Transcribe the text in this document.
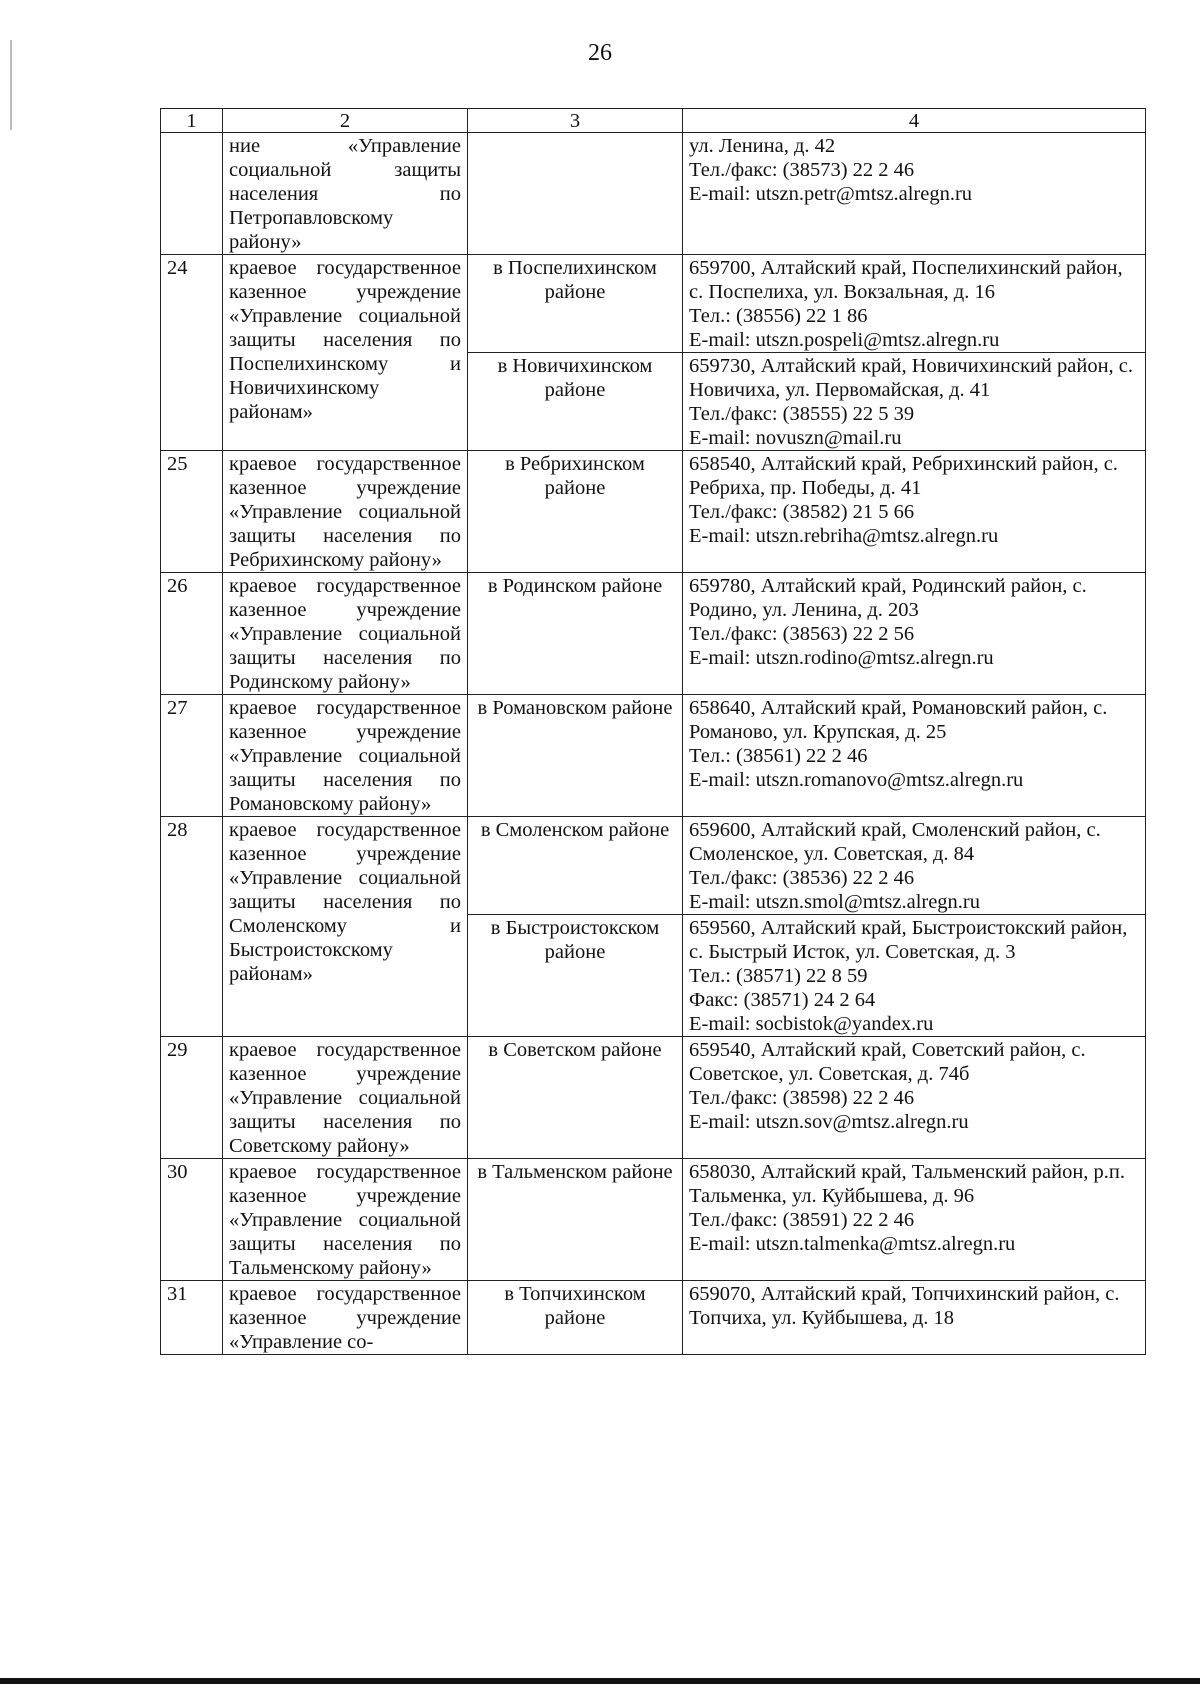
26
1	2	3	4
	ние «Управление социальной защиты населения по Петропавловскому району»		ул. Ленина, д. 42
Тел./факс: (38573) 22 2 46
E-mail: utszn.petr@mtsz.alregn.ru

24	краевое государственное казенное учреждение «Управление социальной защиты населения по Поспелихинскому и Новичихинскому районам»	в Поспелихинском районе	659700, Алтайский край, Поспелихинский район, с. Поспелиха, ул. Вокзальная, д. 16
Тел.: (38556) 22 1 86
E-mail: utszn.pospeli@mtsz.alregn.ru

		в Новичихинском районе	659730, Алтайский край, Новичихинский район, с. Новичиха, ул. Первомайская, д. 41
Тел./факс: (38555) 22 5 39
E-mail: novuszn@mail.ru

25	краевое государственное казенное учреждение «Управление социальной защиты населения по Ребрихинскому району»	в Ребрихинском районе	658540, Алтайский край, Ребрихинский район, с. Ребриха, пр. Победы, д. 41
Тел./факс: (38582) 21 5 66
E-mail: utszn.rebriha@mtsz.alregn.ru

26	краевое государственное казенное учреждение «Управление социальной защиты населения по Родинскому району»	в Родинском районе	659780, Алтайский край, Родинский район, с. Родино, ул. Ленина, д. 203
Тел./факс: (38563) 22 2 56
E-mail: utszn.rodino@mtsz.alregn.ru

27	краевое государственное казенное учреждение «Управление социальной защиты населения по Романовскому району»	в Романовском районе	658640, Алтайский край, Романовский район, с. Романово, ул. Крупская, д. 25
Тел.: (38561) 22 2 46
E-mail: utszn.romanovo@mtsz.alregn.ru

28	краевое государственное казенное учреждение «Управление социальной защиты населения по Смоленскому и Быстроистокскому районам»	в Смоленском районе	659600, Алтайский край, Смоленский район, с. Смоленское, ул. Советская, д. 84
Тел./факс: (38536) 22 2 46
E-mail: utszn.smol@mtsz.alregn.ru

		в Быстроистокском районе	659560, Алтайский край, Быстроистокский район, с. Быстрый Исток, ул. Советская, д. 3
Тел.: (38571) 22 8 59
Факс: (38571) 24 2 64
E-mail: socbistok@yandex.ru

29	краевое государственное казенное учреждение «Управление социальной защиты населения по Советскому району»	в Советском районе	659540, Алтайский край, Советский район, с. Советское, ул. Советская, д. 74б
Тел./факс: (38598) 22 2 46
E-mail: utszn.sov@mtsz.alregn.ru

30	краевое государственное казенное учреждение «Управление социальной защиты населения по Тальменскому району»	в Тальменском районе	658030, Алтайский край, Тальменский район, р.п. Тальменка, ул. Куйбышева, д. 96
Тел./факс: (38591) 22 2 46
E-mail: utszn.talmenka@mtsz.alregn.ru

31	краевое государственное казенное учреждение «Управление со-	в Топчихинском районе	659070, Алтайский край, Топчихинский район, с. Топчиха, ул. Куйбышева, д. 18
